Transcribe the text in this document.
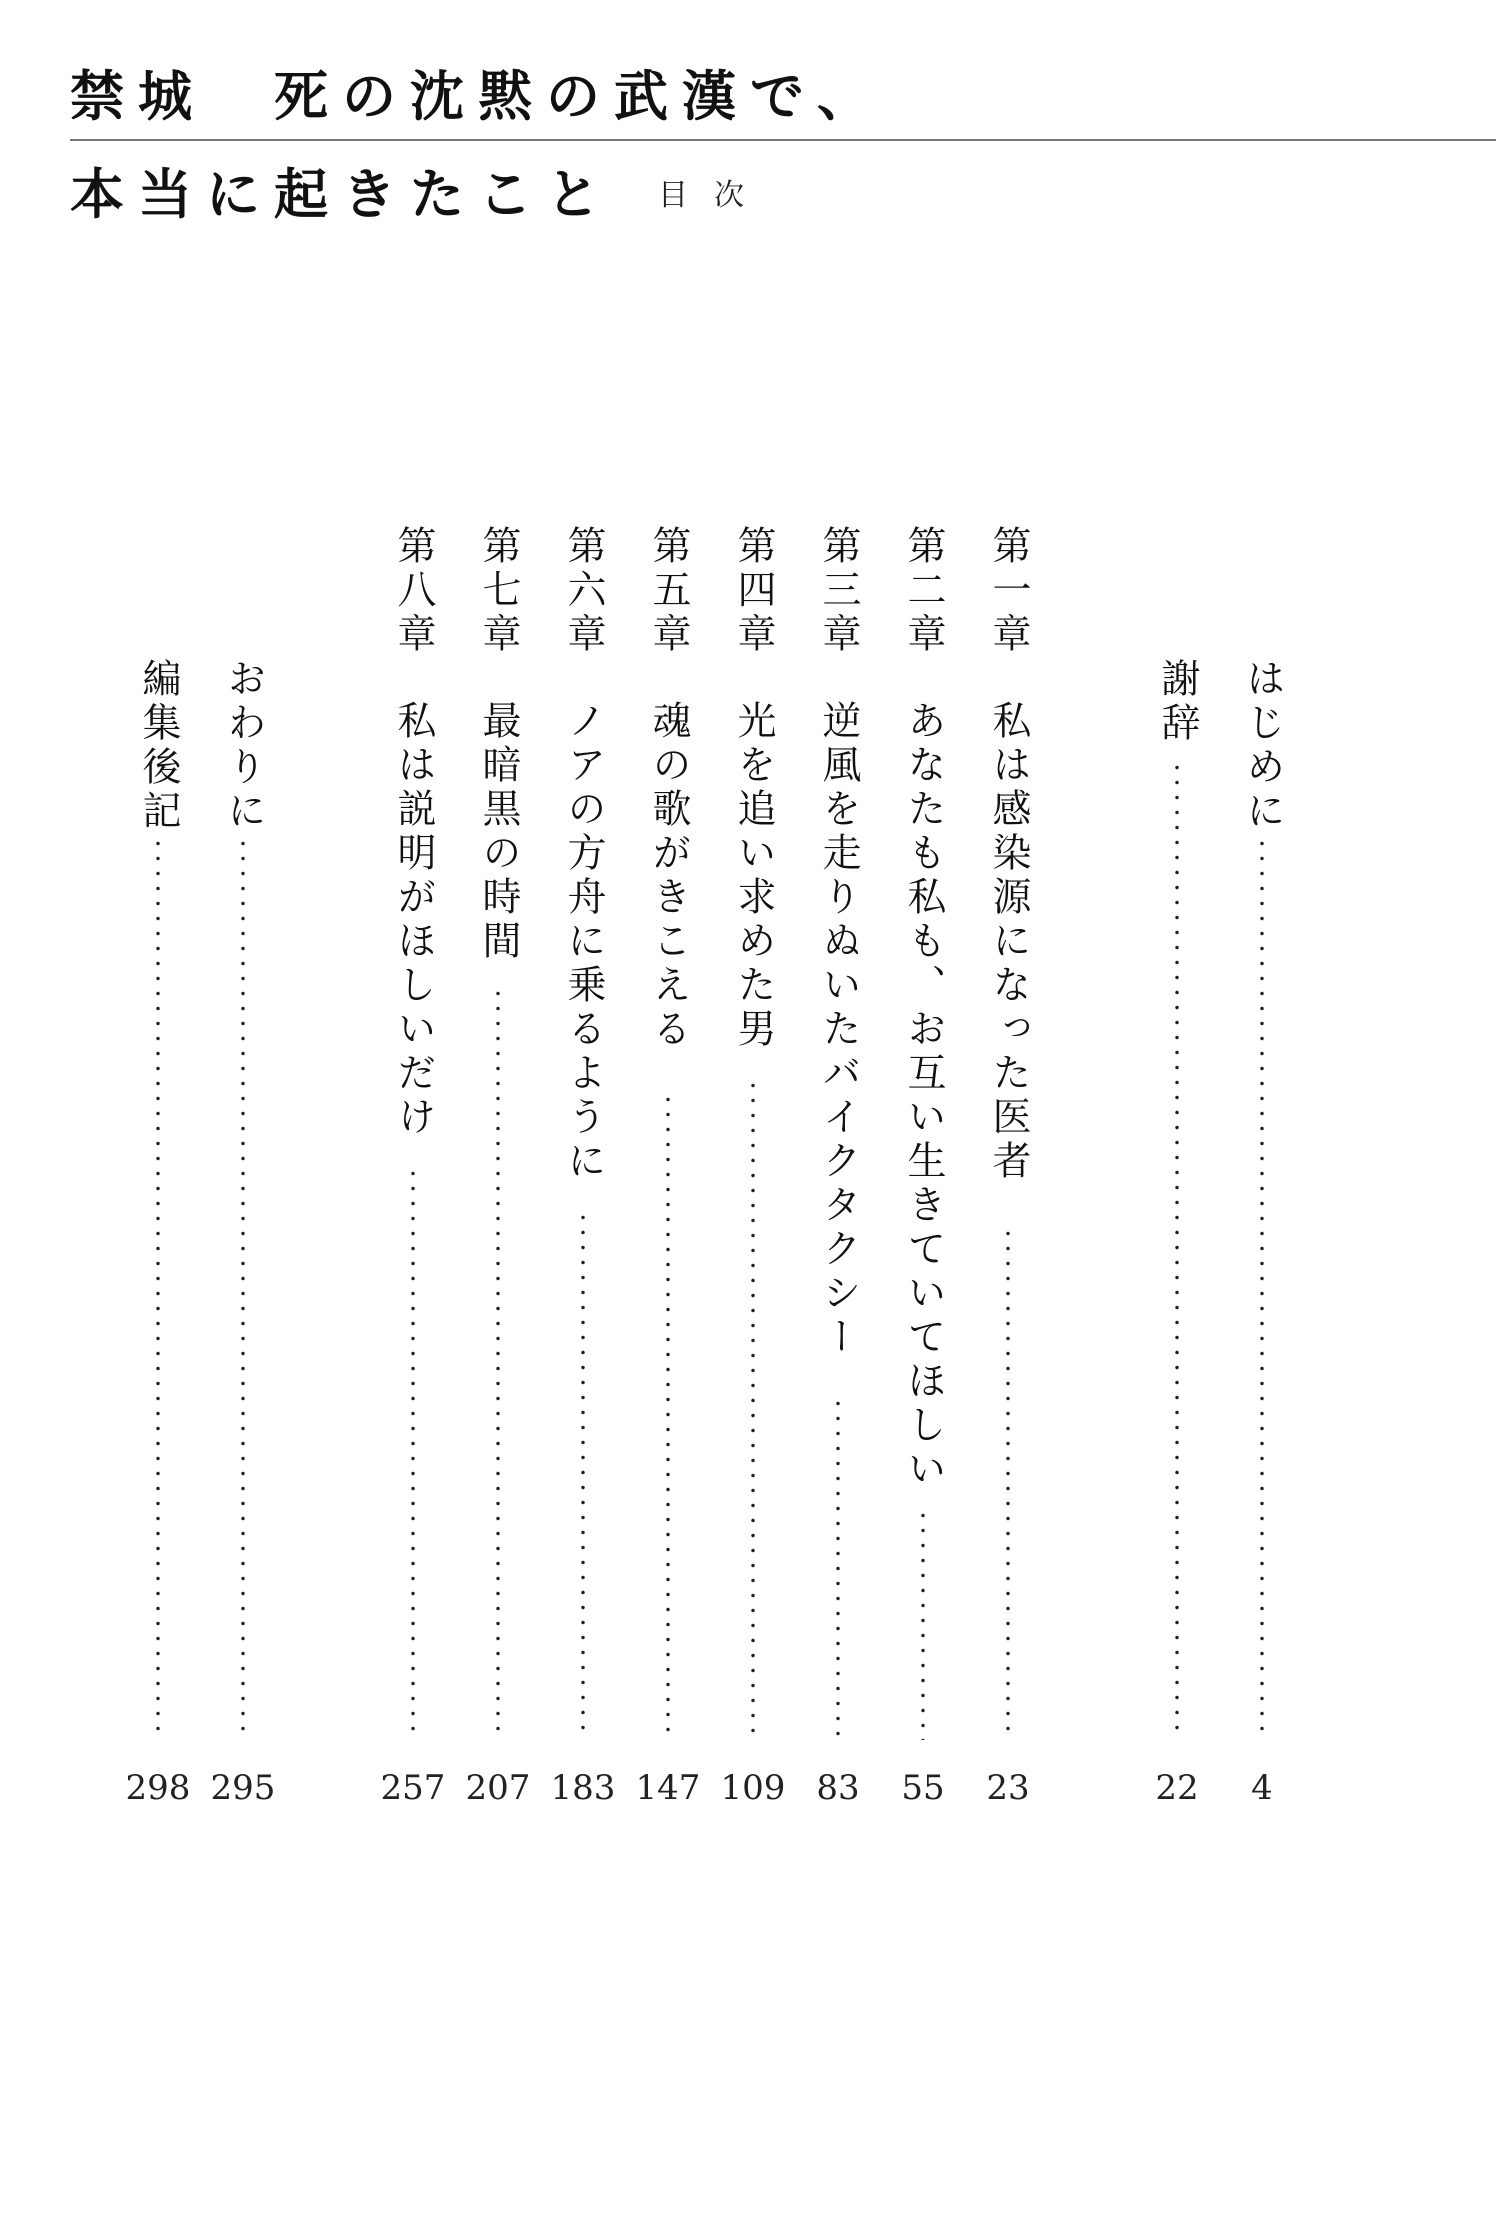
禁城　死の沈黙の武漢で、
本当に起きたこと 目次
はじめに
4
謝辞
22
第一章
私は感染源になった医者
23
第二章
あなたも私も、お互い生きていてほしい
55
第三章
逆風を走りぬいたバイクタクシー
83
第四章
光を追い求めた男
109
第五章
魂の歌がきこえる
147
第六章
ノアの方舟に乗るように
183
第七章
最暗黒の時間
207
第八章
私は説明がほしいだけ
257
おわりに
295
編集後記
298
